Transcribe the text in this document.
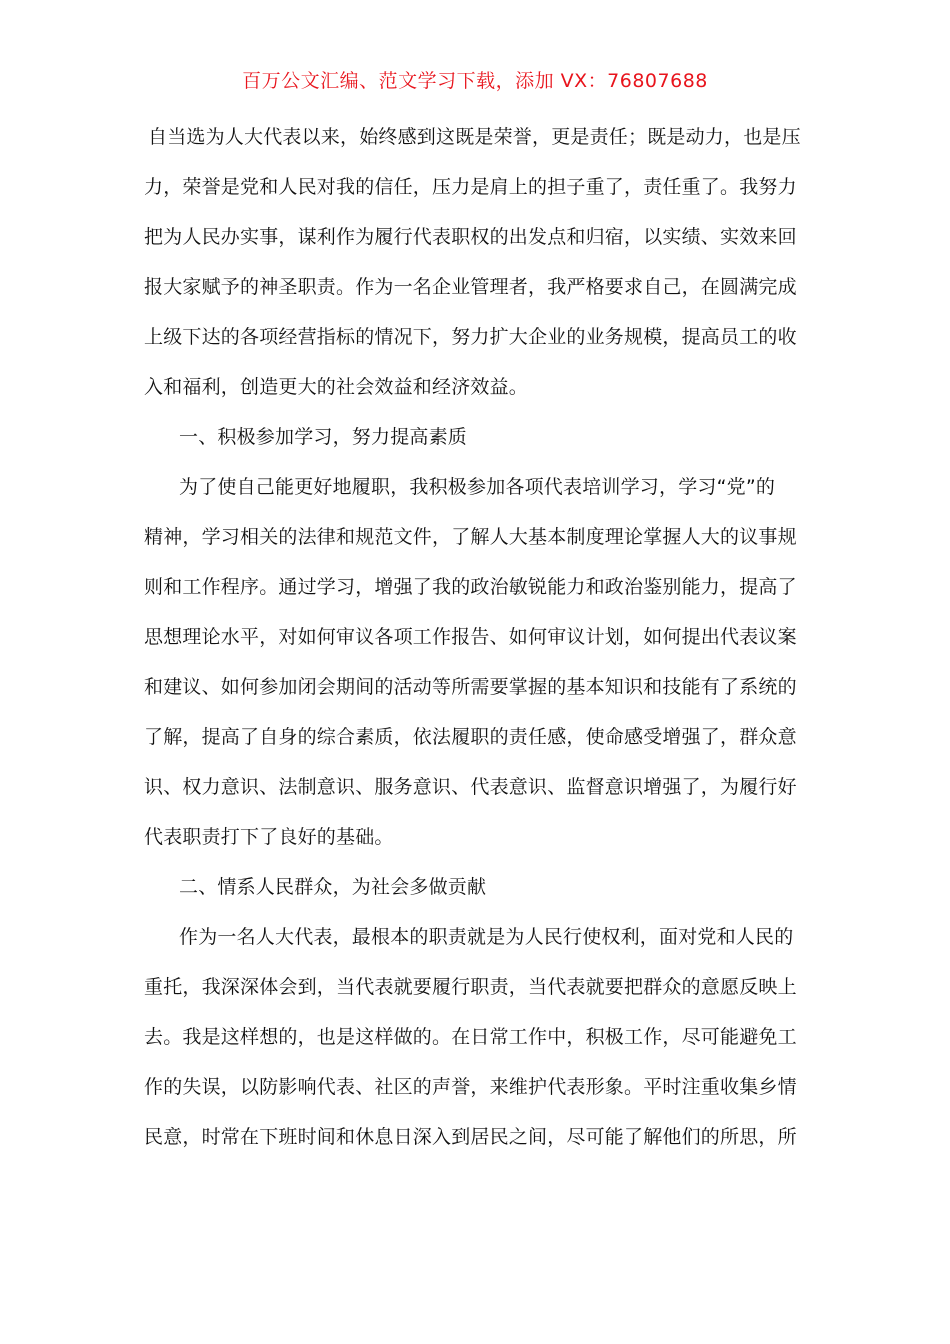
百万公文汇编、范文学习下载，添加 VX：76807688
自当选为人大代表以来，始终感到这既是荣誉，更是责任；既是动力，也是压
力，荣誉是党和人民对我的信任，压力是肩上的担子重了，责任重了。我努力
把为人民办实事，谋利作为履行代表职权的出发点和归宿，以实绩、实效来回
报大家赋予的神圣职责。作为一名企业管理者，我严格要求自己，在圆满完成
上级下达的各项经营指标的情况下，努力扩大企业的业务规模，提高员工的收
入和福利，创造更大的社会效益和经济效益。
一、积极参加学习，努力提高素质
为了使自己能更好地履职，我积极参加各项代表培训学习，学习“党”的
精神，学习相关的法律和规范文件，了解人大基本制度理论掌握人大的议事规
则和工作程序。通过学习，增强了我的政治敏锐能力和政治鉴别能力，提高了
思想理论水平，对如何审议各项工作报告、如何审议计划，如何提出代表议案
和建议、如何参加闭会期间的活动等所需要掌握的基本知识和技能有了系统的
了解，提高了自身的综合素质，依法履职的责任感，使命感受增强了，群众意
识、权力意识、法制意识、服务意识、代表意识、监督意识增强了，为履行好
代表职责打下了良好的基础。
二、情系人民群众，为社会多做贡献
作为一名人大代表，最根本的职责就是为人民行使权利，面对党和人民的
重托，我深深体会到，当代表就要履行职责，当代表就要把群众的意愿反映上
去。我是这样想的，也是这样做的。在日常工作中，积极工作，尽可能避免工
作的失误，以防影响代表、社区的声誉，来维护代表形象。平时注重收集乡情
民意，时常在下班时间和休息日深入到居民之间，尽可能了解他们的所思，所
